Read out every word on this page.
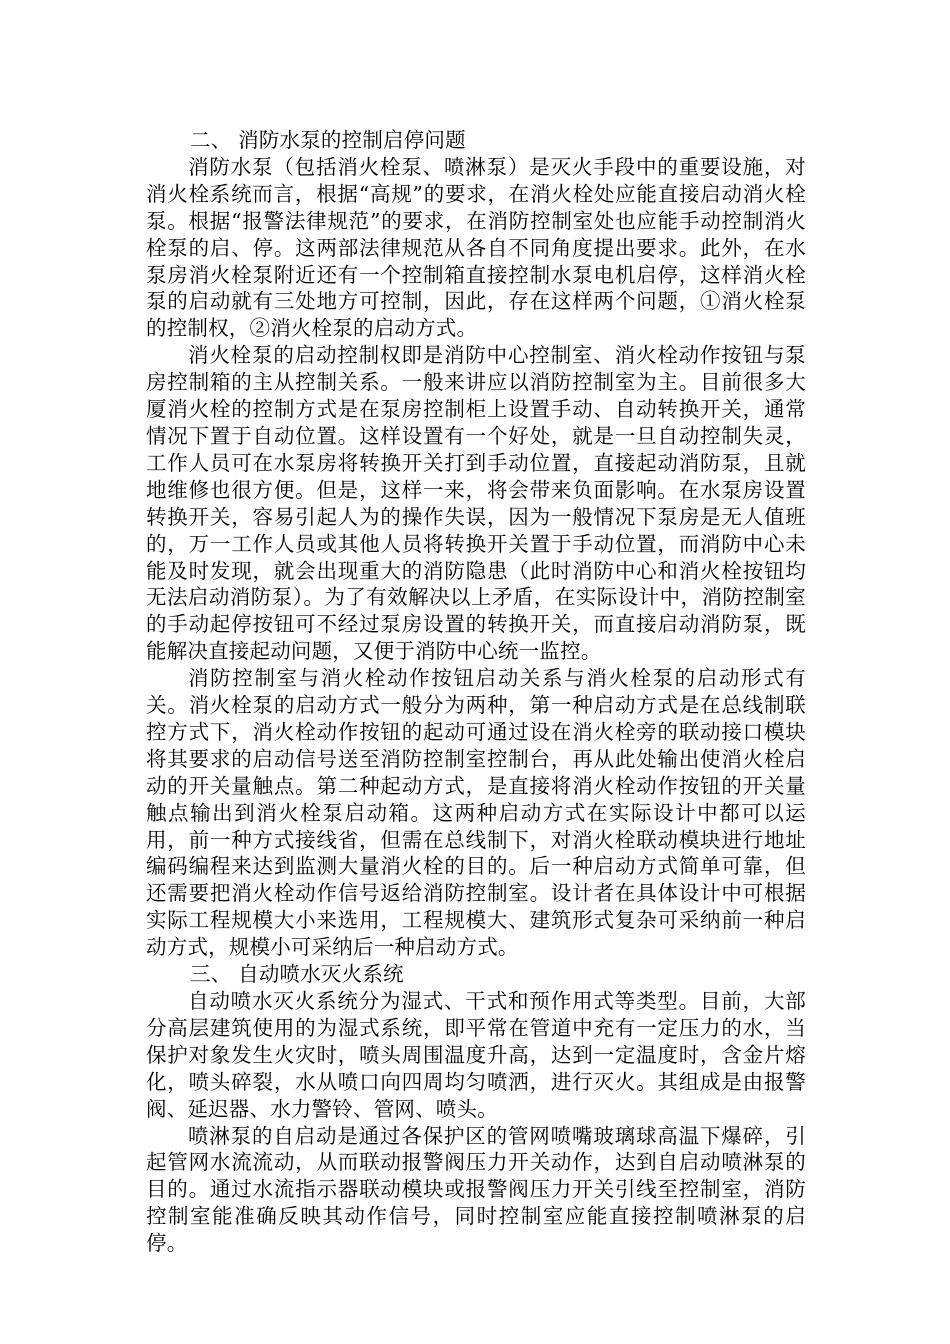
二、 消防水泵的控制启停问题

消防水泵（包括消火栓泵、喷淋泵）是灭火手段中的重要设施，对消火栓系统而言，根据“高规”的要求，在消火栓处应能直接启动消火栓泵。根据“报警法律规范”的要求，在消防控制室处也应能手动控制消火栓泵的启、停。这两部法律规范从各自不同角度提出要求。此外，在水泵房消火栓泵附近还有一个控制箱直接控制水泵电机启停，这样消火栓泵的启动就有三处地方可控制，因此，存在这样两个问题，①消火栓泵的控制权，②消火栓泵的启动方式。

消火栓泵的启动控制权即是消防中心控制室、消火栓动作按钮与泵房控制箱的主从控制关系。一般来讲应以消防控制室为主。目前很多大厦消火栓的控制方式是在泵房控制柜上设置手动、自动转换开关，通常情况下置于自动位置。这样设置有一个好处，就是一旦自动控制失灵，工作人员可在水泵房将转换开关打到手动位置，直接起动消防泵，且就地维修也很方便。但是，这样一来，将会带来负面影响。在水泵房设置转换开关，容易引起人为的操作失误，因为一般情况下泵房是无人值班的，万一工作人员或其他人员将转换开关置于手动位置，而消防中心未能及时发现，就会出现重大的消防隐患（此时消防中心和消火栓按钮均无法启动消防泵）。为了有效解决以上矛盾，在实际设计中，消防控制室的手动起停按钮可不经过泵房设置的转换开关，而直接启动消防泵，既能解决直接起动问题，又便于消防中心统一监控。

消防控制室与消火栓动作按钮启动关系与消火栓泵的启动形式有关。消火栓泵的启动方式一般分为两种，第一种启动方式是在总线制联控方式下，消火栓动作按钮的起动可通过设在消火栓旁的联动接口模块将其要求的启动信号送至消防控制室控制台，再从此处输出使消火栓启动的开关量触点。第二种起动方式，是直接将消火栓动作按钮的开关量触点输出到消火栓泵启动箱。这两种启动方式在实际设计中都可以运用，前一种方式接线省，但需在总线制下，对消火栓联动模块进行地址编码编程来达到监测大量消火栓的目的。后一种启动方式简单可靠，但还需要把消火栓动作信号返给消防控制室。设计者在具体设计中可根据实际工程规模大小来选用，工程规模大、建筑形式复杂可采纳前一种启动方式，规模小可采纳后一种启动方式。

三、 自动喷水灭火系统

自动喷水灭火系统分为湿式、干式和预作用式等类型。目前，大部分高层建筑使用的为湿式系统，即平常在管道中充有一定压力的水，当保护对象发生火灾时，喷头周围温度升高，达到一定温度时，含金片熔化，喷头碎裂，水从喷口向四周均匀喷洒，进行灭火。其组成是由报警阀、延迟器、水力警铃、管网、喷头。

喷淋泵的自启动是通过各保护区的管网喷嘴玻璃球高温下爆碎，引起管网水流流动，从而联动报警阀压力开关动作，达到自启动喷淋泵的目的。通过水流指示器联动模块或报警阀压力开关引线至控制室，消防控制室能准确反映其动作信号，同时控制室应能直接控制喷淋泵的启停。
